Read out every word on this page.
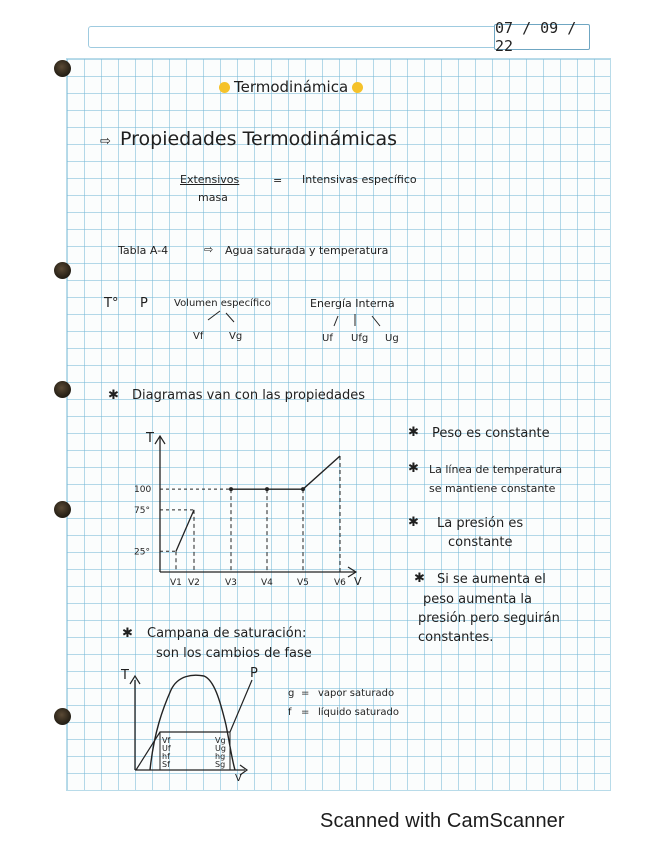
07 / 09 / 22
Termodinámica
⇨ Propiedades Termodinámicas
Extensivos
masa
= Intensivas específico
Tabla A-4	⇨ Agua saturada y temperatura
T° P	Volumen específico
Vf	Vg
Energía Interna
Uf Ufg Ug
✱ Diagramas van con las propiedades
T
V
25°
75°
100
V1 V2	V3	V4	V5	V6
✱ Peso es constante
✱ La línea de temperatura
se mantiene constante
✱ La presión es
constante
✱ Si se aumenta el
peso aumenta la
presión pero seguirán
constantes.
✱ Campana de saturación:
son los cambios de fase
T	P
V
Vf
Uf
hf
Sf
Vg
Ug
hg
Sg
g = vapor saturado
f = líquido saturado
Scanned with CamScanner
